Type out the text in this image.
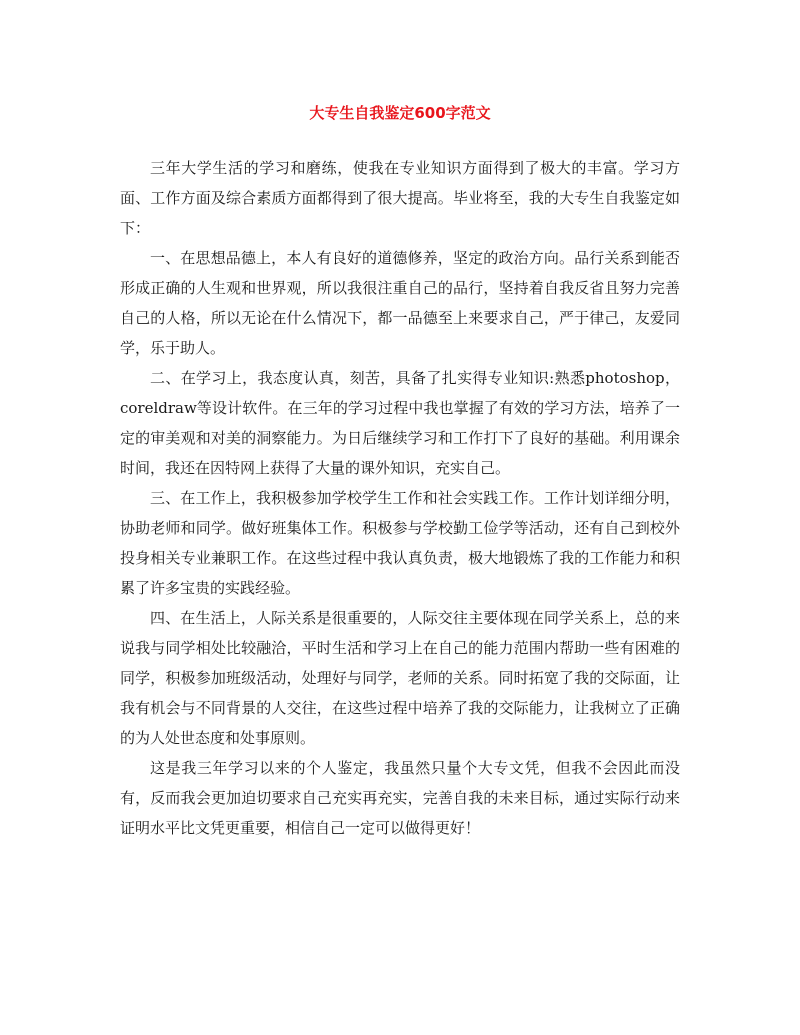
大专生自我鉴定600字范文

三年大学生活的学习和磨练，使我在专业知识方面得到了极大的丰富。学习方面、工作方面及综合素质方面都得到了很大提高。毕业将至，我的大专生自我鉴定如下：

一、在思想品德上，本人有良好的道德修养，坚定的政治方向。品行关系到能否形成正确的人生观和世界观，所以我很注重自己的品行，坚持着自我反省且努力完善自己的人格，所以无论在什么情况下，都一品德至上来要求自己，严于律己，友爱同学，乐于助人。

二、在学习上，我态度认真，刻苦，具备了扎实得专业知识:熟悉photoshop，coreldraw等设计软件。在三年的学习过程中我也掌握了有效的学习方法，培养了一定的审美观和对美的洞察能力。为日后继续学习和工作打下了良好的基础。利用课余时间，我还在因特网上获得了大量的课外知识，充实自己。

三、在工作上，我积极参加学校学生工作和社会实践工作。工作计划详细分明，协助老师和同学。做好班集体工作。积极参与学校勤工俭学等活动，还有自己到校外投身相关专业兼职工作。在这些过程中我认真负责，极大地锻炼了我的工作能力和积累了许多宝贵的实践经验。

四、在生活上，人际关系是很重要的，人际交往主要体现在同学关系上，总的来说我与同学相处比较融洽，平时生活和学习上在自己的能力范围内帮助一些有困难的同学，积极参加班级活动，处理好与同学，老师的关系。同时拓宽了我的交际面，让我有机会与不同背景的人交往，在这些过程中培养了我的交际能力，让我树立了正确的为人处世态度和处事原则。

这是我三年学习以来的个人鉴定，我虽然只量个大专文凭，但我不会因此而没有，反而我会更加迫切要求自己充实再充实，完善自我的未来目标，通过实际行动来证明水平比文凭更重要，相信自己一定可以做得更好！
